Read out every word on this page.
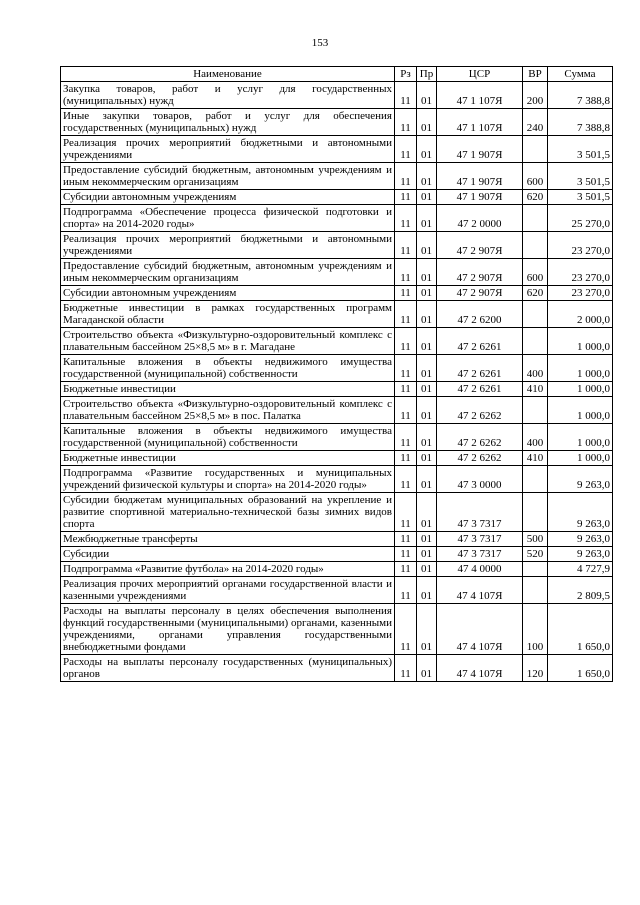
153
Наименование	Рз	Пр	ЦСР	ВР	Сумма
Закупка товаров, работ и услуг для государственных (муниципальных) нужд	11	01	47 1 107Я	200	7 388,8
Иные закупки товаров, работ и услуг для обеспечения государственных (муниципальных) нужд	11	01	47 1 107Я	240	7 388,8
Реализация прочих мероприятий бюджетными и автономными учреждениями	11	01	47 1 907Я		3 501,5
Предоставление субсидий бюджетным, автономным учреждениям и иным некоммерческим организациям	11	01	47 1 907Я	600	3 501,5
Субсидии автономным учреждениям	11	01	47 1 907Я	620	3 501,5
Подпрограмма «Обеспечение процесса физической подготовки и спорта» на 2014-2020 годы»	11	01	47 2 0000		25 270,0
Реализация прочих мероприятий бюджетными и автономными учреждениями	11	01	47 2 907Я		23 270,0
Предоставление субсидий бюджетным, автономным учреждениям и иным некоммерческим организациям	11	01	47 2 907Я	600	23 270,0
Субсидии автономным учреждениям	11	01	47 2 907Я	620	23 270,0
Бюджетные инвестиции в рамках государственных программ Магаданской области	11	01	47 2 6200		2 000,0
Строительство объекта «Физкультурно-оздоровительный комплекс с плавательным бассейном 25×8,5 м» в г. Магадане	11	01	47 2 6261		1 000,0
Капитальные вложения в объекты недвижимого имущества государственной (муниципальной) собственности	11	01	47 2 6261	400	1 000,0
Бюджетные инвестиции	11	01	47 2 6261	410	1 000,0
Строительство объекта «Физкультурно-оздоровительный комплекс с плавательным бассейном 25×8,5 м» в пос. Палатка	11	01	47 2 6262		1 000,0
Капитальные вложения в объекты недвижимого имущества государственной (муниципальной) собственности	11	01	47 2 6262	400	1 000,0
Бюджетные инвестиции	11	01	47 2 6262	410	1 000,0
Подпрограмма «Развитие государственных и муниципальных учреждений физической культуры и спорта» на 2014-2020 годы»	11	01	47 3 0000		9 263,0
Субсидии бюджетам муниципальных образований на укрепление и развитие спортивной материально-технической базы зимних видов спорта	11	01	47 3 7317		9 263,0
Межбюджетные трансферты	11	01	47 3 7317	500	9 263,0
Субсидии	11	01	47 3 7317	520	9 263,0
Подпрограмма «Развитие футбола» на 2014-2020 годы»	11	01	47 4 0000		4 727,9
Реализация прочих мероприятий органами государственной власти и казенными учреждениями	11	01	47 4 107Я		2 809,5
Расходы на выплаты персоналу в целях обеспечения выполнения функций государственными (муниципальными) органами, казенными учреждениями, органами управления государственными внебюджетными фондами	11	01	47 4 107Я	100	1 650,0
Расходы на выплаты персоналу государственных (муниципальных) органов	11	01	47 4 107Я	120	1 650,0
